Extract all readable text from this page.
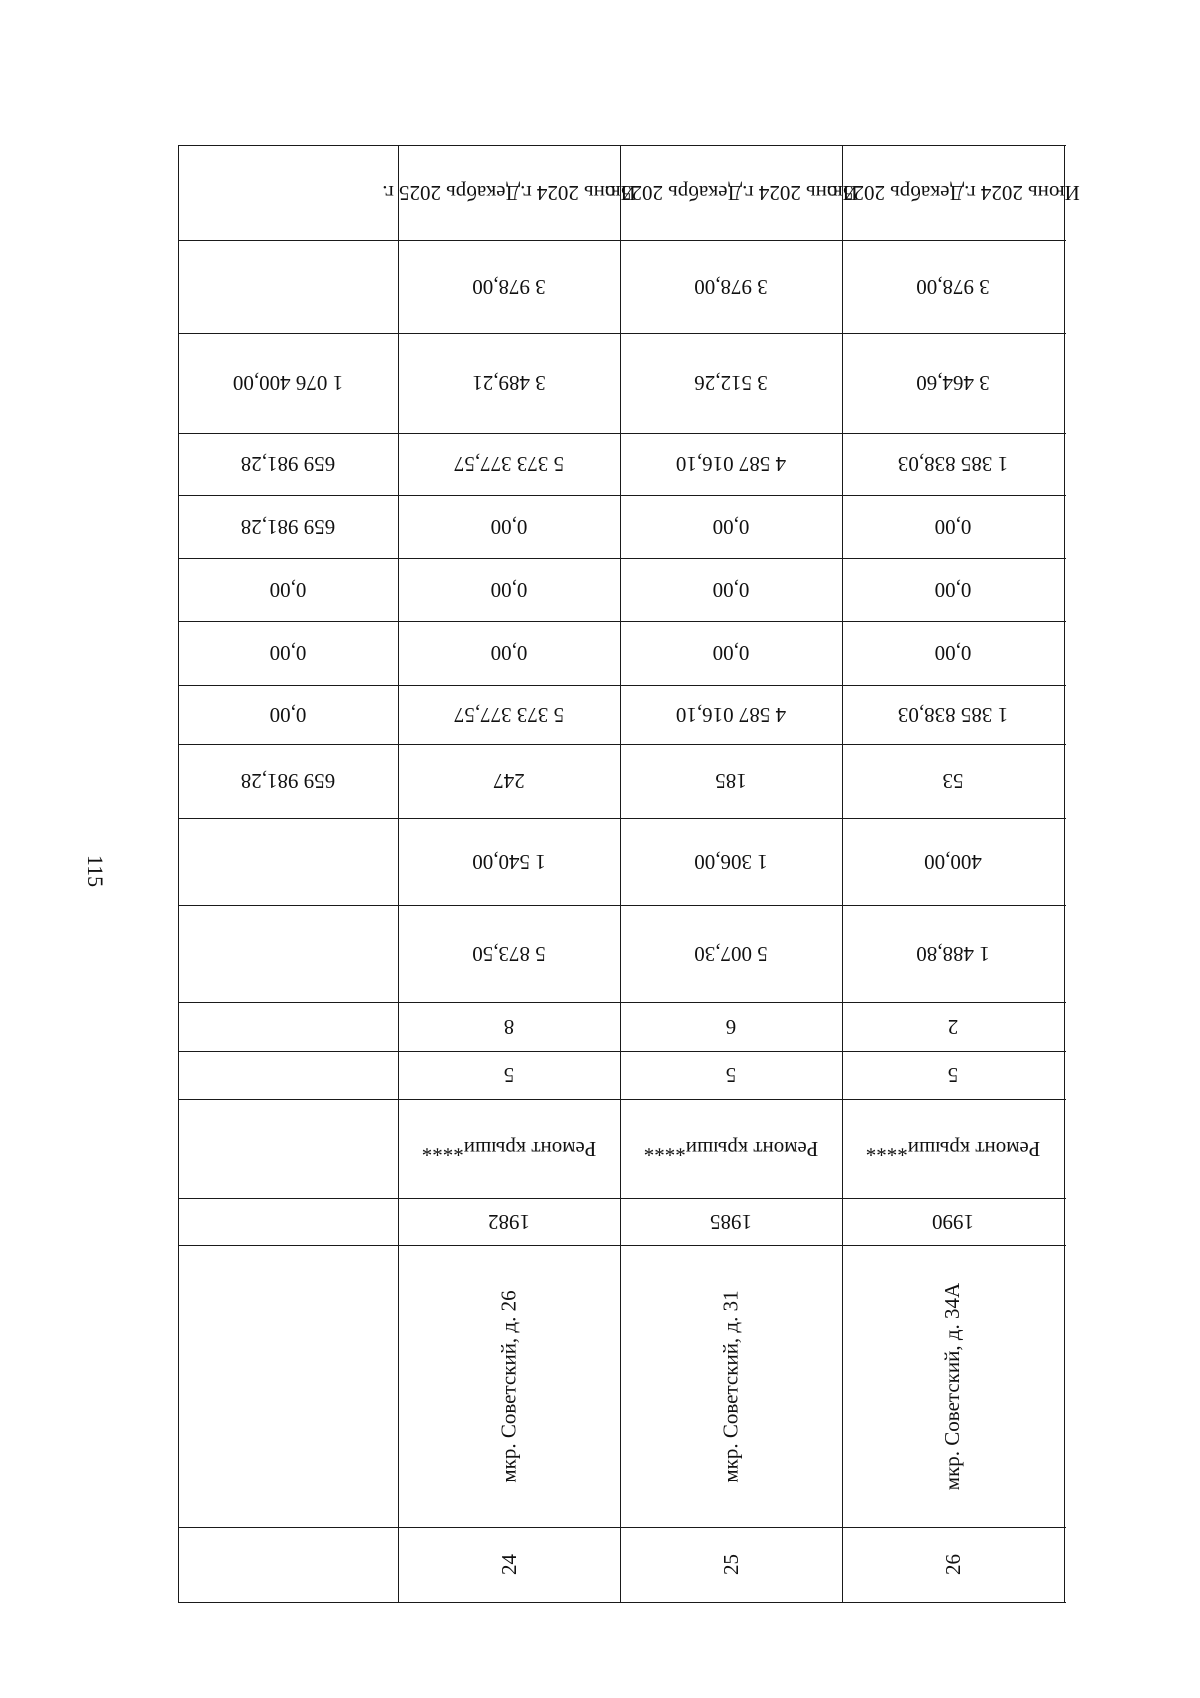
115
1 076 400,00
659 981,28
659 981,28
0,00
0,00
0,00
659 981,28
Июнь 2024 г.
Декабрь 2025 г.
3 978,00
3 489,21
5 373 377,57
0,00
0,00
0,00
5 373 377,57
247
1 540,00
5 873,50
8
5
Ремонт крыши****
1982
мкр. Советский, д. 26
24
Июнь 2024 г.
Декабрь 2025 г.
3 978,00
3 512,26
4 587 016,10
0,00
0,00
0,00
4 587 016,10
185
1 306,00
5 007,30
6
5
Ремонт крыши****
1985
мкр. Советский, д. 31
25
Июнь 2024 г.
Декабрь 2025 г.
3 978,00
3 464,60
1 385 838,03
0,00
0,00
0,00
1 385 838,03
53
400,00
1 488,80
2
5
Ремонт крыши****
1990
мкр. Советский, д. 34А
26
